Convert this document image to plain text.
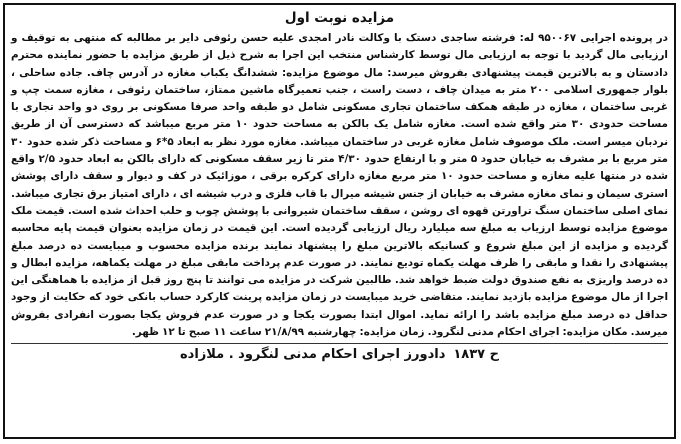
مزایده نوبت اول

در پرونده اجرایی ۹۵۰۰۶۷ له: فرشته ساجدی دستک با وکالت نادر امجدی علیه حسن رئوفی دایر بر مطالبه که منتهی به توقیف و ارزیابی مال گردید با توجه به ارزیابی مال توسط کارشناس منتخب این اجرا به شرح ذیل از طریق مزایده با حضور نماینده محترم دادستان و به بالاترین قیمت پیشنهادی بفروش میرسد: مال موضوع مزایده: ششدانگ یکباب مغازه در آدرس چاف. جاده ساحلی ، بلوار جمهوری اسلامی ۲۰۰ متر به میدان چاف ، دست راست ، جنب تعمیرگاه ماشین ممتاز، ساختمان رئوفی ، مغازه سمت چپ و غربی ساختمان ، مغازه در طبقه همکف ساختمان تجاری مسکونی شامل دو طبقه واحد صرفا مسکونی بر روی دو واحد تجاری با مساحت حدودی ۳۰ متر واقع شده است. مغازه شامل یک بالکن به مساحت حدود ۱۰ متر مربع میباشد که دسترسی آن از طریق نردبان میسر است. ملک موصوف شامل مغازه غربی در ساختمان میباشد. مغازه مورد نظر به ابعاد ۵*۶ و مساحت ذکر شده حدود ۳۰ متر مربع با بر مشرف به خیابان حدود ۵ متر و با ارتفاع حدود ۴/۳۰ متر تا زیر سقف مسکونی که دارای بالکن به ابعاد حدود ۲/۵ واقع شده در منتها علیه مغازه و مساحت حدود ۱۰ متر مربع مغازه دارای کرکره برقی ، موزائیک در کف و دیوار و سقف دارای پوشش استری سیمان و نمای مغازه مشرف به خیابان از جنس شیشه میرال با قاب فلزی و درب شیشه ای ، دارای امتیاز برق تجاری میباشد. نمای اصلی ساختمان سنگ تراورتن قهوه ای روشن ، سقف ساختمان شیروانی با پوشش چوب و حلب احداث شده است. قیمت ملک موضوع مزایده توسط ارزیاب به مبلغ سه میلیارد ریال ارزیابی گردیده است. این قیمت در زمان مزایده بعنوان قیمت پایه محاسبه گردیده و مزایده از این مبلغ شروع و کسانیکه بالاترین مبلغ را پیشنهاد نمایند برنده مزایده محسوب و میبایست ده درصد مبلغ پیشنهادی را نقدا و مابقی را ظرف مهلت یکماه تودیع نمایند. در صورت عدم پرداخت مابقی مبلغ در مهلت یکماهه، مزایده ابطال و ده درصد واریزی به نفع صندوق دولت ضبط خواهد شد. طالبین شرکت در مزایده می توانند تا پنج روز قبل از مزایده با هماهنگی این اجرا از مال موضوع مزایده بازدید نمایند. متقاضی خرید میبایست در زمان مزایده پرینت کارکرد حساب بانکی خود که حکایت از وجود حداقل ده درصد مبلغ مزایده باشد را ارائه نماید. اموال ابتدا بصورت یکجا و در صورت عدم فروش یکجا بصورت انفرادی بفروش میرسد. مکان مزایده: اجرای احکام مدنی لنگرود. زمان مزایده: چهارشنبه ۲۱/۸/۹۹ ساعت ۱۱ صبح تا ۱۲ ظهر.

ح ۱۸۳۷
دادورز اجرای احکام مدنی لنگرود . ملازاده
